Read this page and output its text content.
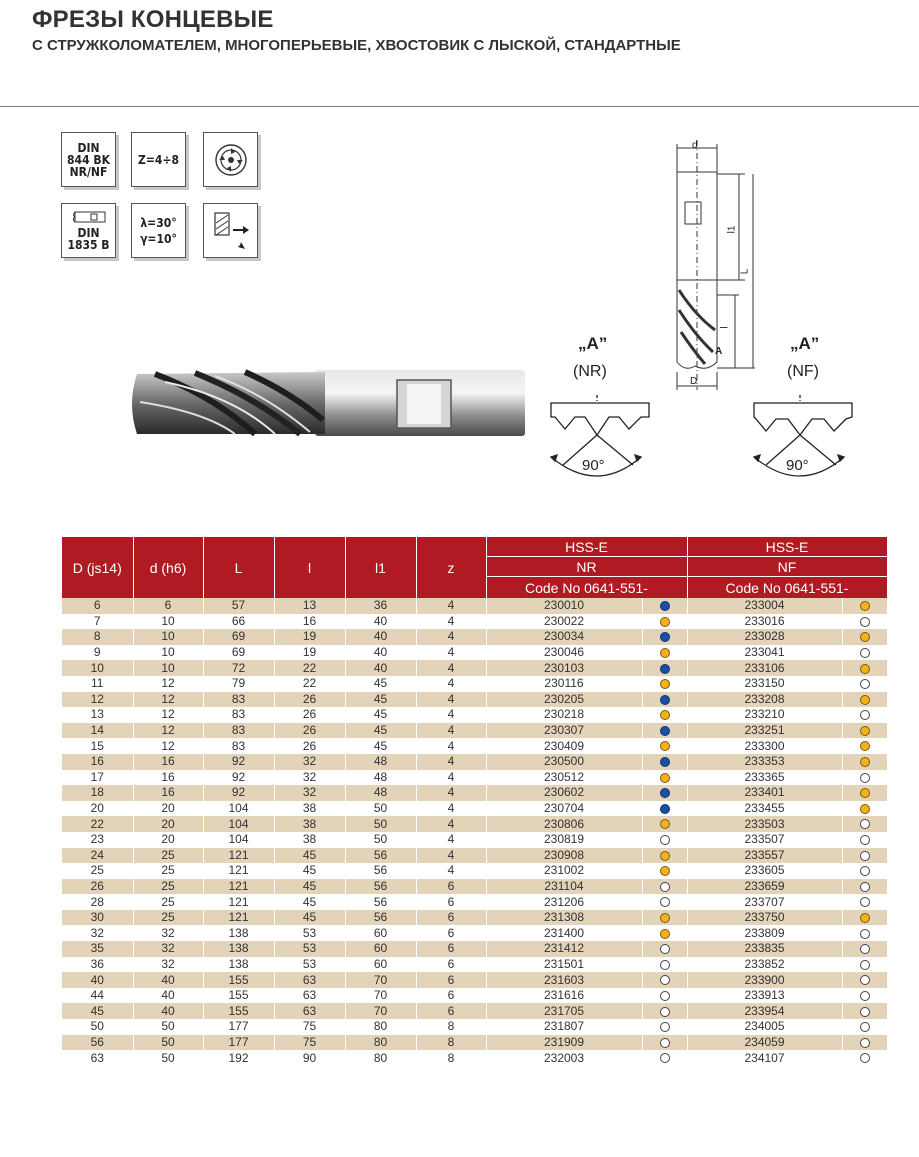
ФРЕЗЫ КОНЦЕВЫЕ
С СТРУЖКОЛОМАТЕЛЕМ, МНОГОПЕРЬЕВЫЕ, ХВОСТОВИК С ЛЫСКОЙ, СТАНДАРТНЫЕ
DIN
844 BK
NR/NF
Z=4÷8
DIN
1835 B
λ=30°
γ=10°
d
l1
L
l
D
A
„A”
(NR)
90°
„A”
(NF)
90°
D (js14)	d (h6)	L	l	l1	z	HSS-E		HSS-E	
						NR		NF	
						Code No 0641-551-		Code No 0641-551-	
6	6	57	13	36	4	230010		233004	
7	10	66	16	40	4	230022		233016	
8	10	69	19	40	4	230034		233028	
9	10	69	19	40	4	230046		233041	
10	10	72	22	40	4	230103		233106	
11	12	79	22	45	4	230116		233150	
12	12	83	26	45	4	230205		233208	
13	12	83	26	45	4	230218		233210	
14	12	83	26	45	4	230307		233251	
15	12	83	26	45	4	230409		233300	
16	16	92	32	48	4	230500		233353	
17	16	92	32	48	4	230512		233365	
18	16	92	32	48	4	230602		233401	
20	20	104	38	50	4	230704		233455	
22	20	104	38	50	4	230806		233503	
23	20	104	38	50	4	230819		233507	
24	25	121	45	56	4	230908		233557	
25	25	121	45	56	4	231002		233605	
26	25	121	45	56	6	231104		233659	
28	25	121	45	56	6	231206		233707	
30	25	121	45	56	6	231308		233750	
32	32	138	53	60	6	231400		233809	
35	32	138	53	60	6	231412		233835	
36	32	138	53	60	6	231501		233852	
40	40	155	63	70	6	231603		233900	
44	40	155	63	70	6	231616		233913	
45	40	155	63	70	6	231705		233954	
50	50	177	75	80	8	231807		234005	
56	50	177	75	80	8	231909		234059	
63	50	192	90	80	8	232003		234107	
